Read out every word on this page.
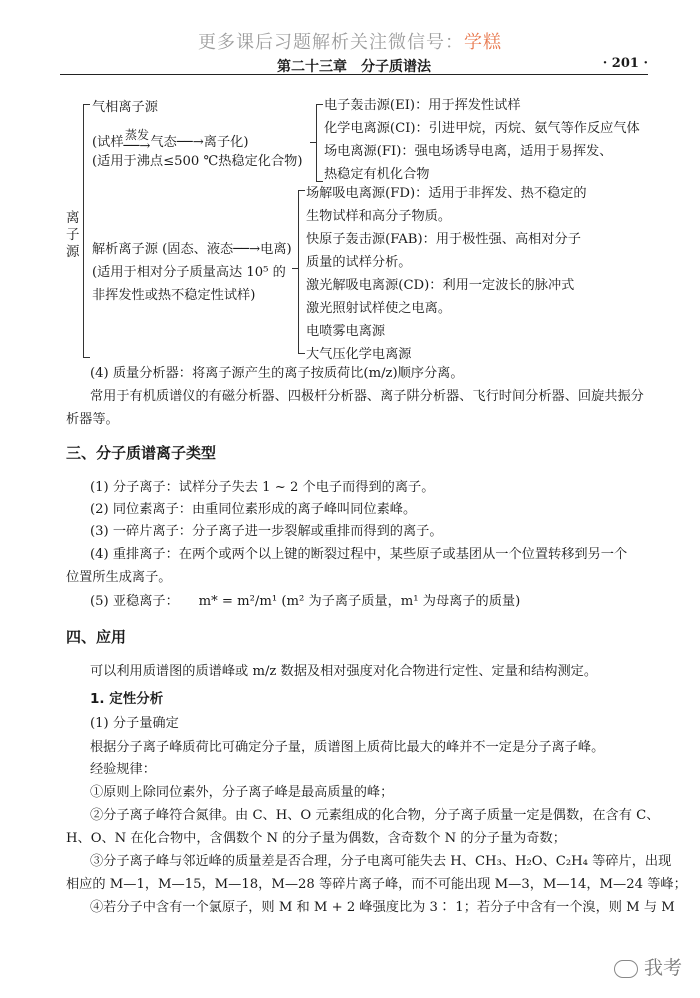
更多课后习题解析关注微信号：学糕
第二十三章　分子质谱法	· 201 ·
离子源
气相离子源
(试样 蒸发
──→ 气态──→离子化)
(适用于沸点≤500 ℃热稳定化合物)
电子轰击源(EI)：用于挥发性试样
化学电离源(CI)：引进甲烷，丙烷、氨气等作反应气体
场电离源(FI)：强电场诱导电离，适用于易挥发、
热稳定有机化合物
解析离子源 (固态、液态──→电离)
(适用于相对分子质量高达 10⁵ 的
非挥发性或热不稳定性试样)
场解吸电离源(FD)：适用于非挥发、热不稳定的
生物试样和高分子物质。
快原子轰击源(FAB)：用于极性强、高相对分子
质量的试样分析。
激光解吸电离源(CD)：利用一定波长的脉冲式
激光照射试样使之电离。
电喷雾电离源
大气压化学电离源
(4) 质量分析器：将离子源产生的离子按质荷比(m/z)顺序分离。
常用于有机质谱仪的有磁分析器、四极杆分析器、离子阱分析器、飞行时间分析器、回旋共振分
析器等。
三、分子质谱离子类型
(1) 分子离子：试样分子失去 1 ~ 2 个电子而得到的离子。
(2) 同位素离子：由重同位素形成的离子峰叫同位素峰。
(3) 一碎片离子：分子离子进一步裂解或重排而得到的离子。
(4) 重排离子：在两个或两个以上键的断裂过程中，某些原子或基团从一个位置转移到另一个
位置所生成离子。
(5) 亚稳离子：　　m* = m²/m¹ (m² 为子离子质量，m¹ 为母离子的质量)
四、应用
可以利用质谱图的质谱峰或 m/z 数据及相对强度对化合物进行定性、定量和结构测定。
1. 定性分析
(1) 分子量确定
根据分子离子峰质荷比可确定分子量，质谱图上质荷比最大的峰并不一定是分子离子峰。
经验规律：
①原则上除同位素外，分子离子峰是最高质量的峰；
②分子离子峰符合氮律。由 C、H、O 元素组成的化合物，分子离子质量一定是偶数，在含有 C、
H、O、N 在化合物中，含偶数个 N 的分子量为偶数，含奇数个 N 的分子量为奇数；
③分子离子峰与邻近峰的质量差是否合理，分子电离可能失去 H、CH₃、H₂O、C₂H₄ 等碎片，出现
相应的 M—1，M—15，M—18，M—28 等碎片离子峰，而不可能出现 M—3，M—14，M—24 等峰；
④若分子中含有一个氯原子，则 M 和 M + 2 峰强度比为 3∶ 1；若分子中含有一个溴，则 M 与 M
我考
